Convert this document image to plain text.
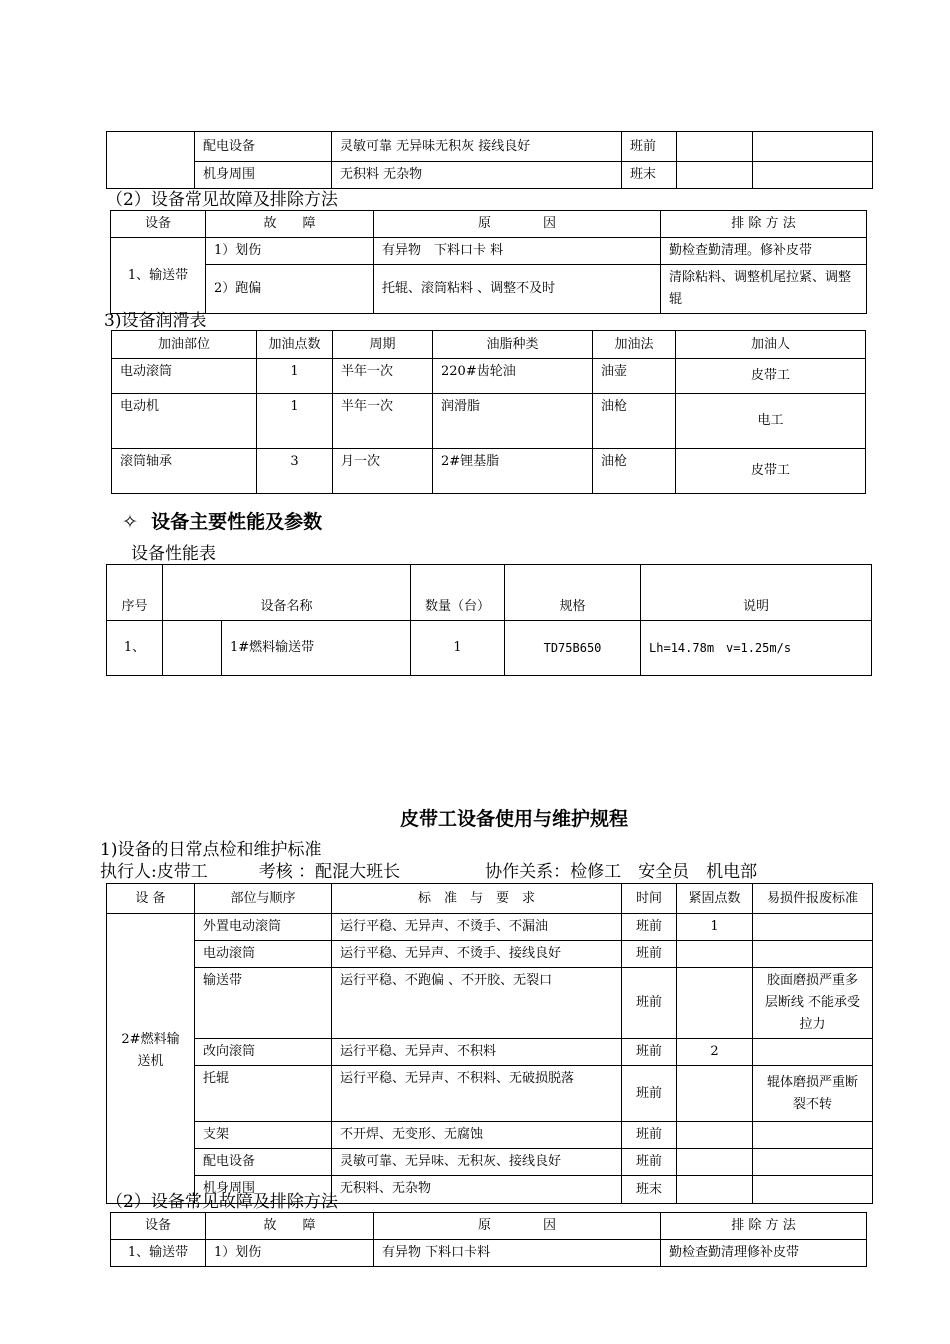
	配电设备	灵敏可靠 无异味无积灰 接线良好	班前		
	机身周围	无积料 无杂物	班末		
（2）设备常见故障及排除方法
设备	故　　障	原　　　　因	排 除 方 法
1、输送带	1）划伤	有异物　下料口卡 料	勤检查勤清理。修补皮带
	2）跑偏	托辊、滚筒粘料 、调整不及时	清除粘料、调整机尾拉紧、调整辊
3)设备润滑表
加油部位	加油点数	周期	油脂种类	加油法	加油人
电动滚筒	1	半年一次	220#齿轮油	油壶	皮带工
电动机	1	半年一次	润滑脂	油枪	电工
滚筒轴承	3	月一次	2#锂基脂	油枪	皮带工
✧ 设备主要性能及参数
设备性能表
序号	设备名称		数量（台）	规格	说明
1、		1#燃料输送带	1	TD75B650	Lh=14.78m　v=1.25m/s
皮带工设备使用与维护规程
1)设备的日常点检和维护标准
执行人:皮带工　　　考核 ：配混大班长　　　　　协作关系：检修工　安全员　机电部
设 备	部位与顺序	标　准　与　要　求	时间	紧固点数	易损件报废标准
2#燃料输送机	外置电动滚筒	运行平稳、无异声、不烫手、不漏油	班前	1	
	电动滚筒	运行平稳、无异声、不烫手、接线良好	班前		
	输送带	运行平稳、不跑偏 、不开胶、无裂口	班前		胶面磨损严重多层断线 不能承受拉力
	改向滚筒	运行平稳、无异声、不积料	班前	2	
	托辊	运行平稳、无异声、不积料、无破损脱落	班前		辊体磨损严重断裂不转
	支架	不开焊、无变形、无腐蚀	班前		
	配电设备	灵敏可靠、无异味、无积灰、接线良好	班前		
	机身周围	无积料、无杂物	班末		
（2）设备常见故障及排除方法
设备	故　　障	原　　　　因	排 除 方 法
1、输送带	1）划伤	有异物 下料口卡料	勤检查勤清理修补皮带
